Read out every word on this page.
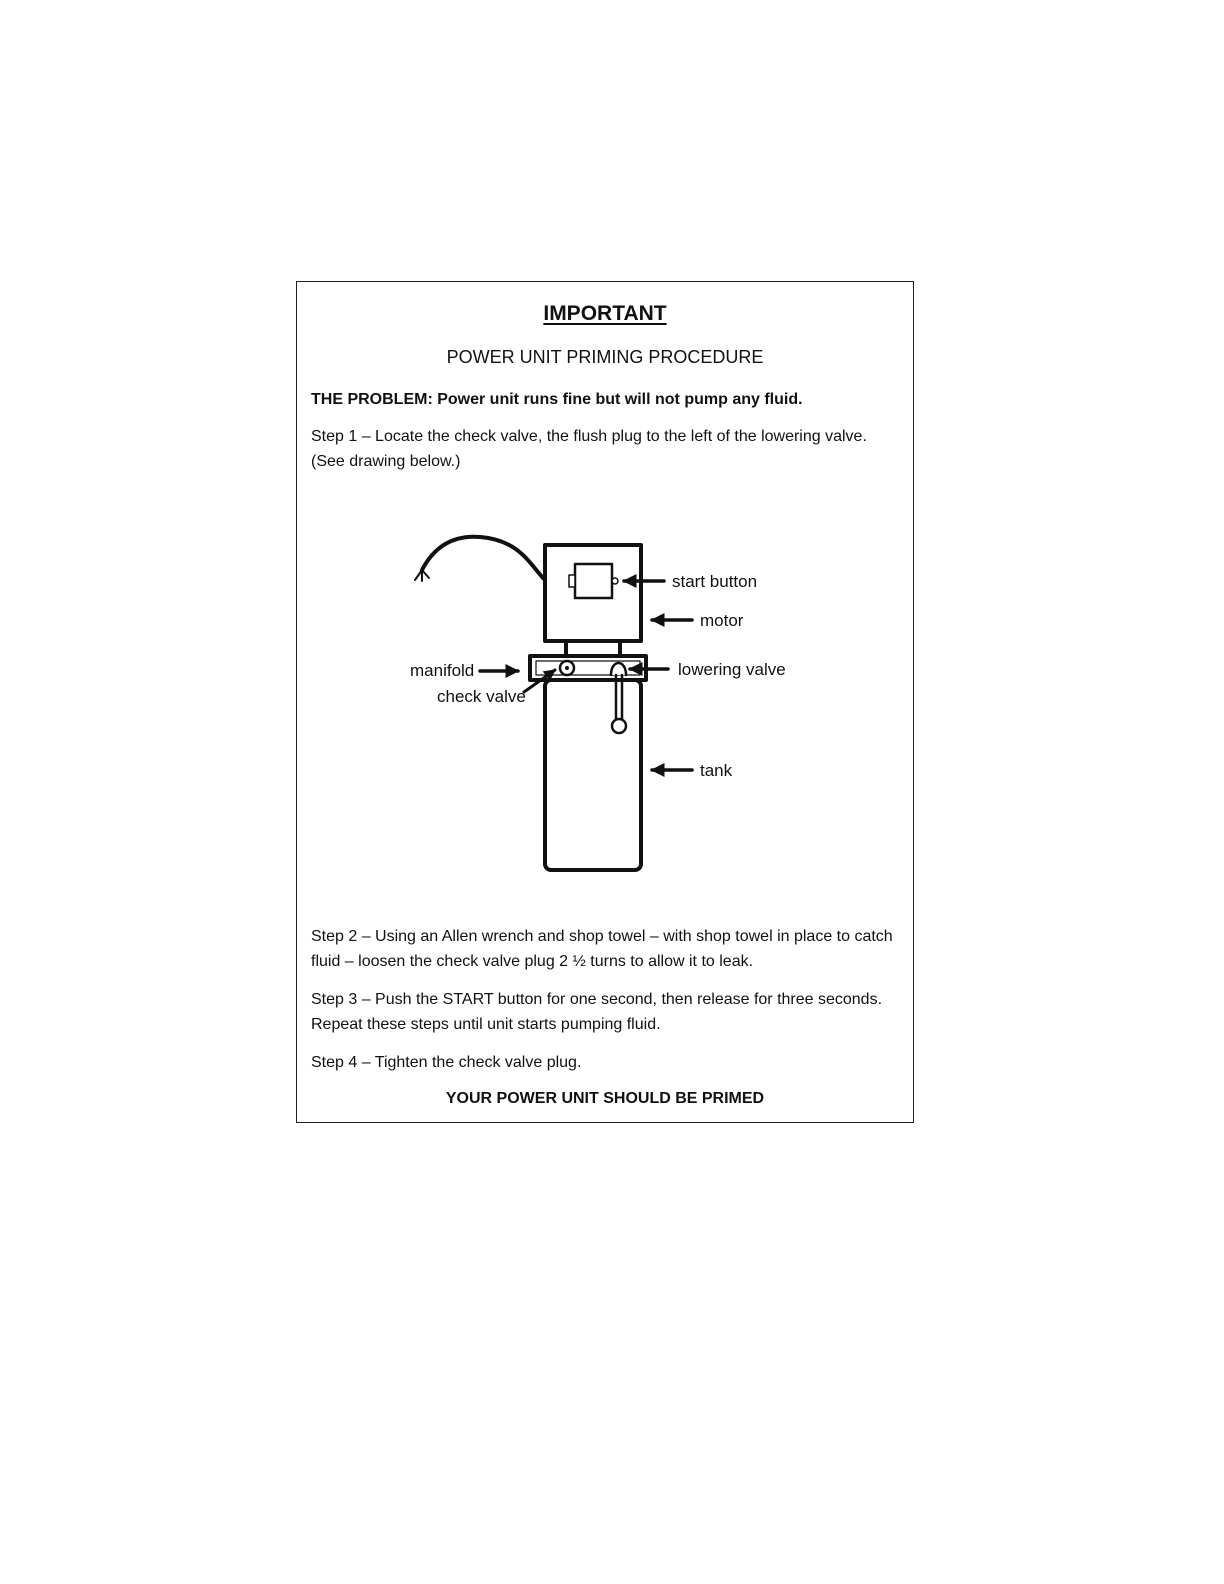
IMPORTANT

POWER UNIT PRIMING PROCEDURE

THE PROBLEM: Power unit runs fine but will not pump any fluid.

Step 1 – Locate the check valve, the flush plug to the left of the lowering valve. (See drawing below.)

Step 2 – Using an Allen wrench and shop towel – with shop towel in place to catch fluid – loosen the check valve plug 2 ½ turns to allow it to leak.

Step 3 – Push the START button for one second, then release for three seconds. Repeat these steps until unit starts pumping fluid.

Step 4 – Tighten the check valve plug.

YOUR POWER UNIT SHOULD BE PRIMED

start button
motor
manifold
check valve
lowering valve
tank
